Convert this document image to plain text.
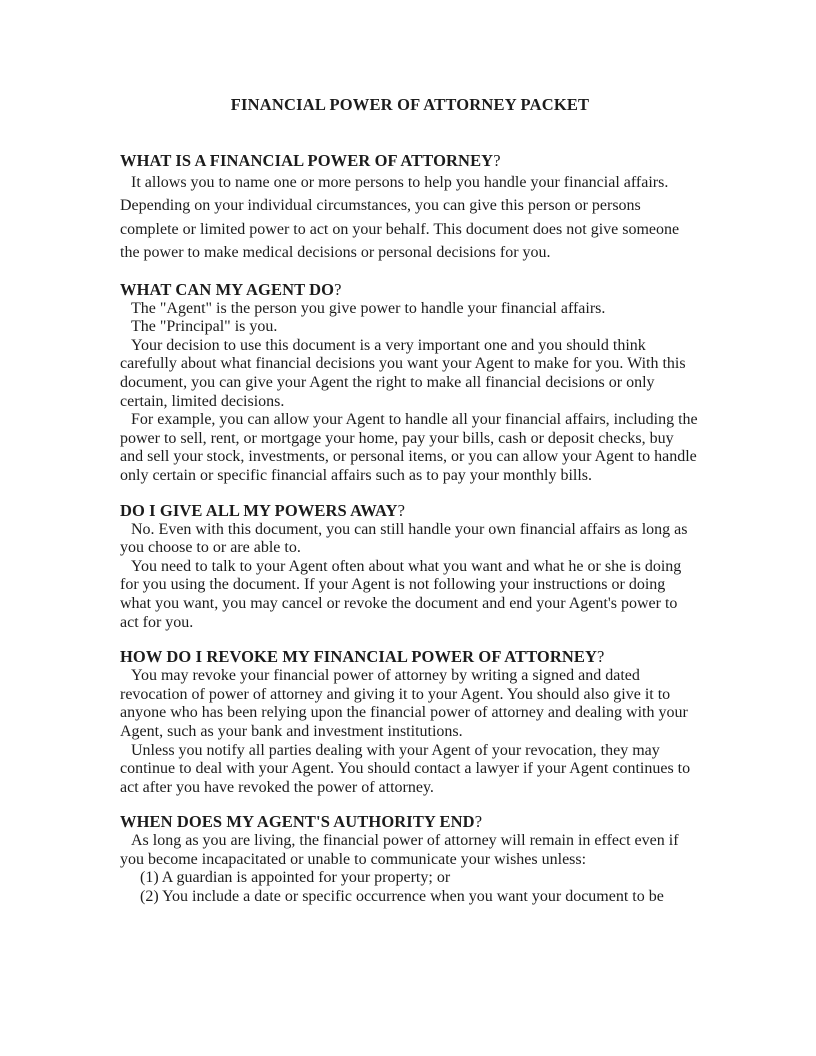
FINANCIAL POWER OF ATTORNEY PACKET
WHAT IS A FINANCIAL POWER OF ATTORNEY?

It allows you to name one or more persons to help you handle your financial affairs. Depending on your individual circumstances, you can give this person or persons complete or limited power to act on your behalf. This document does not give someone the power to make medical decisions or personal decisions for you.

WHAT CAN MY AGENT DO?

The "Agent" is the person you give power to handle your financial affairs.

The "Principal" is you.

Your decision to use this document is a very important one and you should think carefully about what financial decisions you want your Agent to make for you. With this document, you can give your Agent the right to make all financial decisions or only certain, limited decisions.

For example, you can allow your Agent to handle all your financial affairs, including the power to sell, rent, or mortgage your home, pay your bills, cash or deposit checks, buy and sell your stock, investments, or personal items, or you can allow your Agent to handle only certain or specific financial affairs such as to pay your monthly bills.

DO I GIVE ALL MY POWERS AWAY?

No. Even with this document, you can still handle your own financial affairs as long as you choose to or are able to.

You need to talk to your Agent often about what you want and what he or she is doing for you using the document. If your Agent is not following your instructions or doing what you want, you may cancel or revoke the document and end your Agent's power to act for you.

HOW DO I REVOKE MY FINANCIAL POWER OF ATTORNEY?

You may revoke your financial power of attorney by writing a signed and dated revocation of power of attorney and giving it to your Agent. You should also give it to anyone who has been relying upon the financial power of attorney and dealing with your Agent, such as your bank and investment institutions.

Unless you notify all parties dealing with your Agent of your revocation, they may continue to deal with your Agent. You should contact a lawyer if your Agent continues to act after you have revoked the power of attorney.

WHEN DOES MY AGENT'S AUTHORITY END?

As long as you are living, the financial power of attorney will remain in effect even if you become incapacitated or unable to communicate your wishes unless:

(1) A guardian is appointed for your property; or

(2) You include a date or specific occurrence when you want your document to be
